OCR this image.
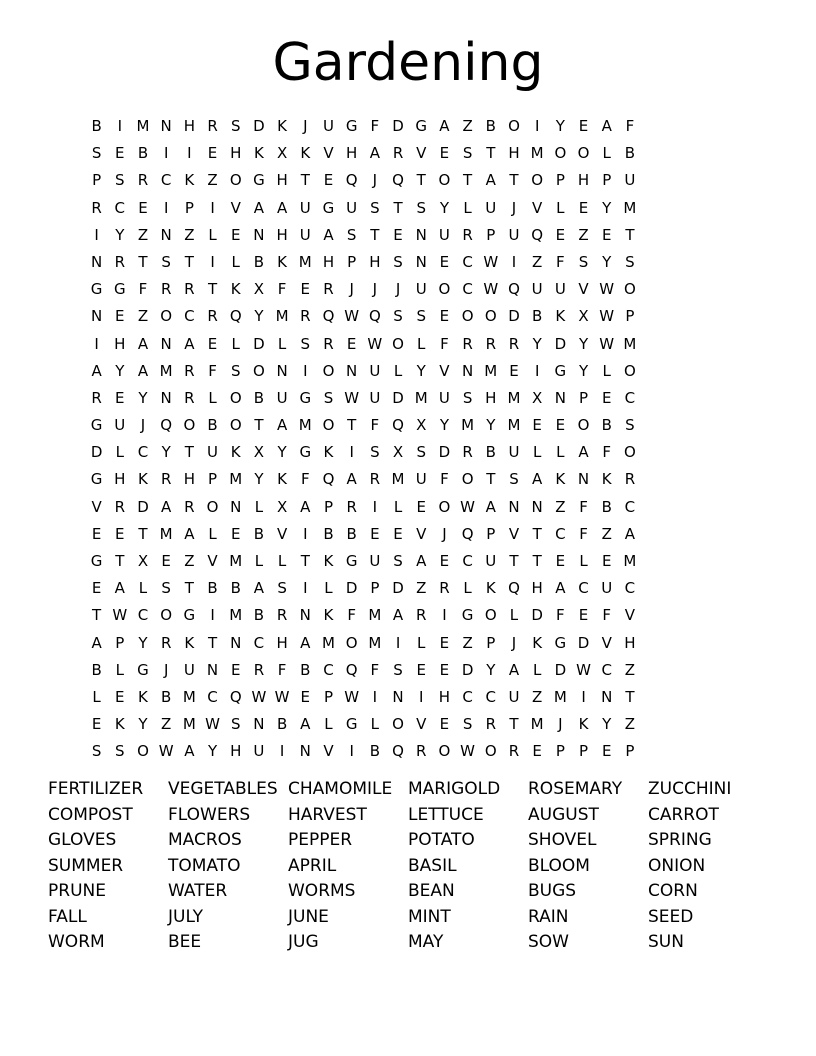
Gardening
B	I M N H R S D K	J	U G F D G A Z B O	I	Y E A F
S E B	I	I	E H K X K V H A R V E S T H M O O L B
P S R C K Z O G H T E Q	J	Q T O T A T O P H P U
R C E	I	P	I	V A A U G U S T S Y L U	J	V L E Y M
I	Y Z N Z L E N H U A S T E N U R P U Q E Z E T
N R T S T	I	L B K M H P H S N E C W I	Z F S Y S
G G F R R T K X F E R	J	J	J	U O C W Q U U V W O
N E Z O C R Q Y M R Q W Q S S E O O D B K X W P
I	H A N A E L D L S R E W O L F R R R Y D Y W M
A Y A M R F S O N	I	O N U L Y V N M E	I	G Y L O
R E Y N R L O B U G S W U D M U S H M X N P E C
G U	J	Q O B O T A M O T F Q X Y M Y M E E O B S
D L C Y T U K X Y G K	I	S X S D R B U L L A F O
G H K R H P M Y K F Q A R M U F O T S A K N K R
V R D A R O N L X A P R	I	L E O W A N N Z F B C
E E T M A L E B V	I	B B E E V	J	Q P V T C F Z A
G T X E Z V M L L T K G U S A E C U T T E L E M
E A L S T B B A S	I	L D P D Z R L K Q H A C U C
T W C O G	I M B R N K F M A R	I	G O L D F E F V
A P Y R K T N C H A M O M I	L E Z P	J	K G D V H
B L G	J	U N E R F B C Q F S E E D Y A L D W C Z
L E K B M C Q W W E P W I	N	I	H C C U Z M I	N T
E K Y Z M W S N B A L G L O V E S R T M J	K Y Z
S S O W A Y H U	I	N V	I	B Q R O W O R E P P E P
FERTILIZER	VEGETABLES CHAMOMILE MARIGOLD	ROSEMARY	ZUCCHINI
COMPOST	FLOWERS	HARVEST	LETTUCE	AUGUST	CARROT
GLOVES	MACROS	PEPPER	POTATO	SHOVEL	SPRING
SUMMER	TOMATO	APRIL	BASIL	BLOOM	ONION
PRUNE	WATER	WORMS	BEAN	BUGS	CORN
FALL	JULY	JUNE	MINT	RAIN	SEED
WORM	BEE	JUG	MAY	SOW	SUN
